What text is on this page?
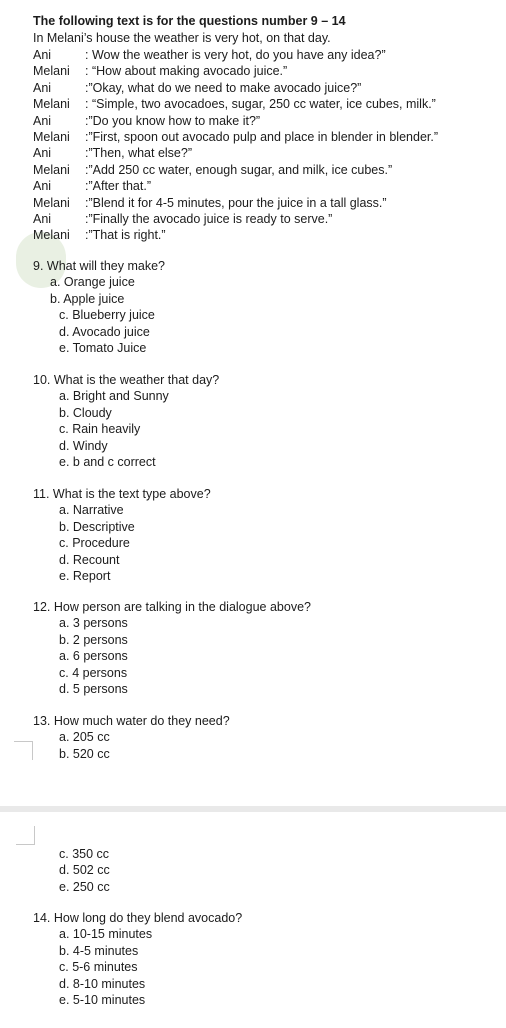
The following text is for the questions number 9 – 14
In Melani’s house the weather is very hot, on that day.
Ani	: Wow the weather is very hot, do you have any idea?”
Melani	: “How about making avocado juice.”
Ani	:”Okay, what do we need to make avocado juice?”
Melani	: “Simple, two avocadoes, sugar, 250 cc water, ice cubes, milk.”
Ani	:”Do you know how to make it?”
Melani	:”First, spoon out avocado pulp and place in blender in blender.”
Ani	:”Then, what else?”
Melani	:”Add 250 cc water, enough sugar, and milk, ice cubes.”
Ani	:”After that.”
Melani	:”Blend it for 4-5 minutes, pour the juice in a tall glass.”
Ani	:”Finally the avocado juice is ready to serve.”
Melani	:”That is right.”
9. What will they make?
a. Orange juice
b. Apple juice
c. Blueberry juice
d. Avocado juice
e. Tomato Juice
10. What is the weather that day?
a. Bright and Sunny
b. Cloudy
c. Rain heavily
d. Windy
e. b and c correct
11. What is the text type above?
a. Narrative
b. Descriptive
c. Procedure
d. Recount
e. Report
12. How person are talking in the dialogue above?
a. 3 persons
b. 2 persons
a. 6 persons
c. 4 persons
d. 5 persons
13. How much water do they need?
a. 205 cc
b. 520 cc
c. 350 cc
d. 502 cc
e. 250 cc
14. How long do they blend avocado?
a. 10-15 minutes
b. 4-5 minutes
c. 5-6 minutes
d. 8-10 minutes
e. 5-10 minutes
